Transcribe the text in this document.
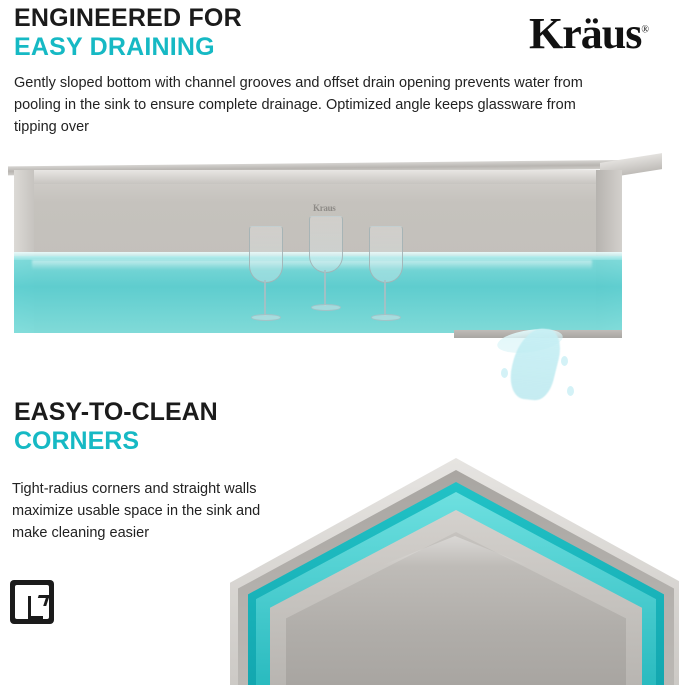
ENGINEERED FOR
EASY DRAINING	Kräus®
Gently sloped bottom with channel grooves and offset drain opening prevents water from pooling in the sink to ensure complete drainage. Optimized angle keeps glassware from tipping over
Kraus
EASY-TO-CLEAN
CORNERS
Tight-radius corners and straight walls maximize usable space in the sink and make cleaning easier
